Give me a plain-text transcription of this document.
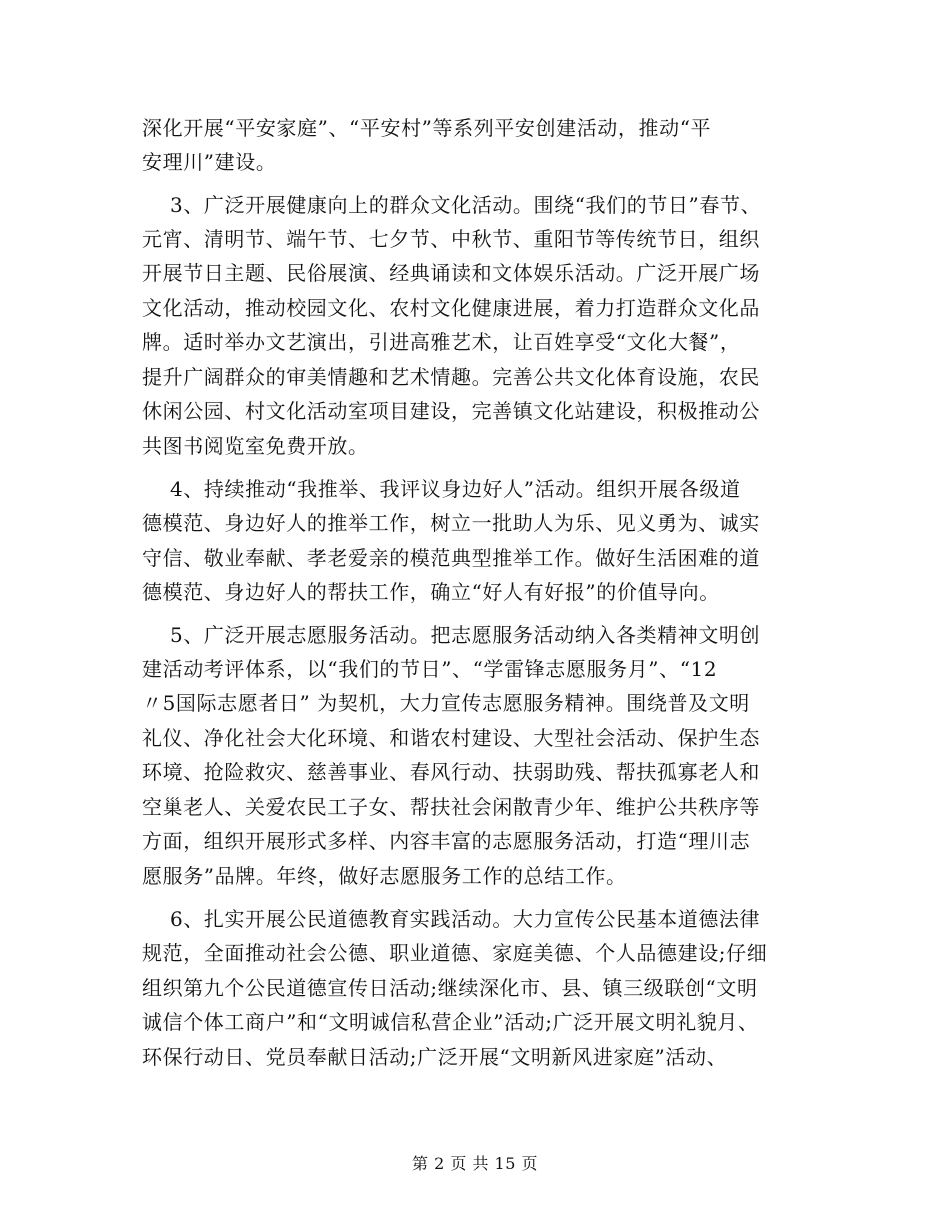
深化开展“平安家庭”、“平安村”等系列平安创建活动，推动“平
安理川”建设。
3、广泛开展健康向上的群众文化活动。围绕“我们的节日”春节、
元宵、清明节、端午节、七夕节、中秋节、重阳节等传统节日，组织
开展节日主题、民俗展演、经典诵读和文体娱乐活动。广泛开展广场
文化活动，推动校园文化、农村文化健康进展，着力打造群众文化品
牌。适时举办文艺演出，引进高雅艺术，让百姓享受“文化大餐”，
提升广阔群众的审美情趣和艺术情趣。完善公共文化体育设施，农民
休闲公园、村文化活动室项目建设，完善镇文化站建设，积极推动公
共图书阅览室免费开放。
4、持续推动“我推举、我评议身边好人”活动。组织开展各级道
德模范、身边好人的推举工作，树立一批助人为乐、见义勇为、诚实
守信、敬业奉献、孝老爱亲的模范典型推举工作。做好生活困难的道
德模范、身边好人的帮扶工作，确立“好人有好报”的价值导向。
5、广泛开展志愿服务活动。把志愿服务活动纳入各类精神文明创
建活动考评体系，以“我们的节日”、“学雷锋志愿服务月”、“12
〃5国际志愿者日” 为契机，大力宣传志愿服务精神。围绕普及文明
礼仪、净化社会大化环境、和谐农村建设、大型社会活动、保护生态
环境、抢险救灾、慈善事业、春风行动、扶弱助残、帮扶孤寡老人和
空巢老人、关爱农民工子女、帮扶社会闲散青少年、维护公共秩序等
方面，组织开展形式多样、内容丰富的志愿服务活动，打造“理川志
愿服务”品牌。年终，做好志愿服务工作的总结工作。
6、扎实开展公民道德教育实践活动。大力宣传公民基本道德法律
规范，全面推动社会公德、职业道德、家庭美德、个人品德建设;仔细
组织第九个公民道德宣传日活动;继续深化市、县、镇三级联创“文明
诚信个体工商户”和“文明诚信私营企业”活动;广泛开展文明礼貌月、
环保行动日、党员奉献日活动;广泛开展“文明新风进家庭”活动、
第 2 页 共 15 页
